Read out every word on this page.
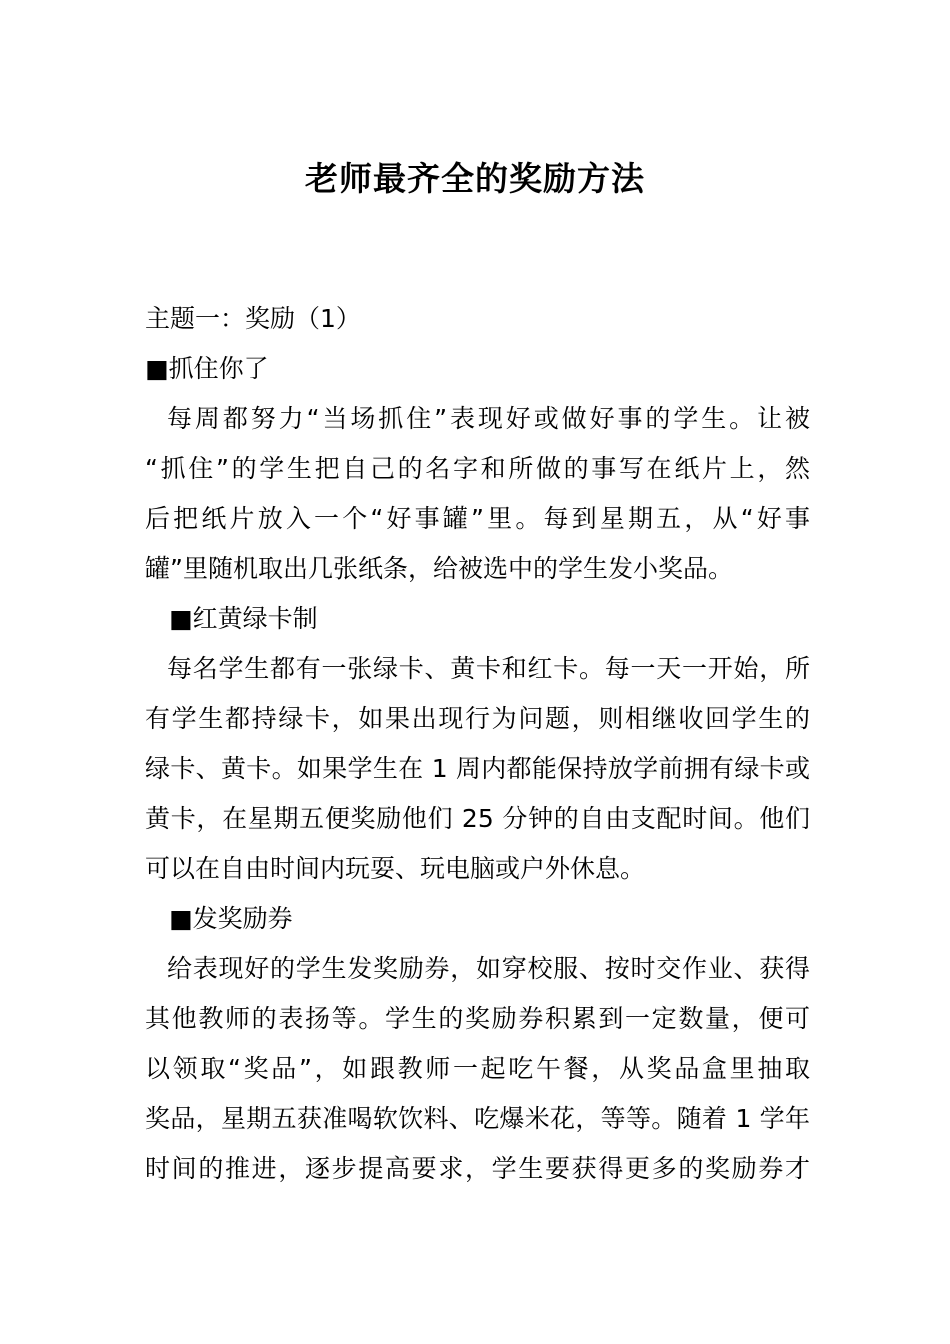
老师最齐全的奖励方法

主题一：奖励（1）

■抓住你了

每周都努力“当场抓住”表现好或做好事的学生。让被

“抓住”的学生把自己的名字和所做的事写在纸片上，然

后把纸片放入一个“好事罐”里。每到星期五，从“好事

罐”里随机取出几张纸条，给被选中的学生发小奖品。

■红黄绿卡制

每名学生都有一张绿卡、黄卡和红卡。每一天一开始，所

有学生都持绿卡，如果出现行为问题，则相继收回学生的

绿卡、黄卡。如果学生在 1 周内都能保持放学前拥有绿卡或

黄卡，在星期五便奖励他们 25 分钟的自由支配时间。他们

可以在自由时间内玩耍、玩电脑或户外休息。

■发奖励券

给表现好的学生发奖励券，如穿校服、按时交作业、获得

其他教师的表扬等。学生的奖励券积累到一定数量，便可

以领取“奖品”，如跟教师一起吃午餐，从奖品盒里抽取

奖品，星期五获准喝软饮料、吃爆米花，等等。随着 1 学年

时间的推进，逐步提高要求，学生要获得更多的奖励券才
